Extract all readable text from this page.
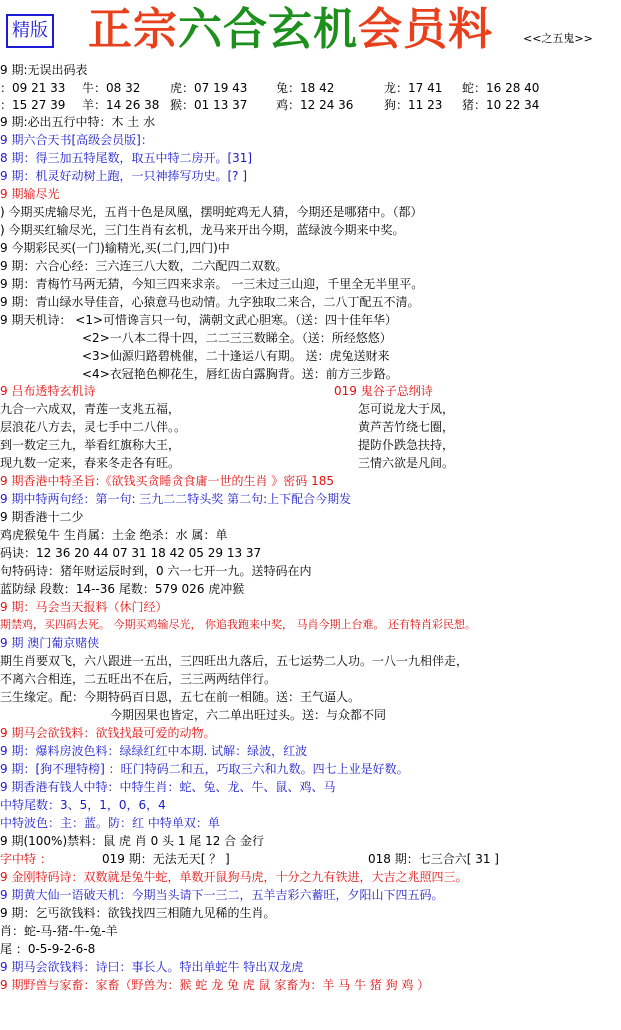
精版 正宗六合玄机会员料	<<之五鬼>>
9 期:无误出码表
：09 21 33 牛：08 32 虎：07 19 43 兔：18 42	龙：17 41 蛇：16 28 40
：15 27 39 羊：14 26 38 猴：01 13 37 鸡：12 24 36	狗：11 23 猪：10 22 34
9 期:必出五行中特：木 土 水
9 期六合天书[高级会员版]：
8 期：得三加五特尾数，取五中特二房开。[31]
9 期：机灵好动树上跑，一只神捧写功史。[? ]
9 期输尽光
) 今期买虎输尽光，五肖十色是凤凰，摆明蛇鸡无人猜，今期还是哪猪中。（都）
) 今期买红输尽光，三门生肖有玄机，龙马来开出今期，蓝绿波今期来中奖。
9 今期彩民买(一门)输精光,买(二门,四门)中
9 期：六合心经：三六连三八大数，二六配四二双数。
9 期：青梅竹马两无猜，今知三四来求亲。 一三未过三山迎，千里全无半里平。
9 期：青山绿水导佳音，心猿意马也动情。九字独取二来合，二八丁配五不清。
9 期天机诗： <1>可惜谗言只一句，满朝文武心胆寒。（送：四十佳年华）
<2>一八本二得十四，二二三三数睇全。（送：所经悠悠）
<3>仙源归路碧桃催，二十逢运八有期。 送：虎兔送财来
<4>衣冠艳色柳花生，唇红齿白露胸背。送：前方三步路。
9 吕布透特玄机诗	019 鬼谷子总纲诗
九合一六成双，青莲一支兆五福，	怎可说龙大于凤，
层浪花八方去，灵七手中二八伴。。	黄芦苦竹绕七圈，
到一数定三九，举看红旗称大王，	提防仆跌急扶持，
现九数一定来，春来冬走各有旺。	三情六欲是凡间。
9 期香港中特圣旨:《欲钱买贪睡贪食庸一世的生肖 》密码 185
9 期中特两句经：第一句: 三九二二特头奖 第二句:上下配合今期发
9 期香港十二少
鸡虎猴兔牛 生肖属：土金 绝杀：水 属：单
码诀：12 36 20 44 07 31 18 42 05 29 13 37
句特码诗：猪年财运辰时到，0 六一七开一九。送特码在内
蓝防绿 段数：14--36 尾数：579 026 虎冲猴
9 期：马会当天报料（休门经）
期禁鸡，买四码去死。 今期买鸡输尽光， 你追我跑来中奖， 马肖今期上台难。 还有特肖彩民想。
9 期 澳门葡京赌侠
期生肖要双飞，六八跟进一五出，三四旺出九落后，五七运势二人功。一八一九相伴走，
不离六合相连，二五旺出不在后，三三两两结伴行。
三生缘定。配：今期特码百日恩，五七在前一相随。送：王气逼人。
今期因果也皆定，六二单出旺过头。送：与众都不同
9 期马会欲钱料：欲钱找最可爱的动物。
9 期：爆料房波色料：绿绿红红中本期. 试解：绿波，红波
9 期：[狗不理特榜] ：旺门特码二和五，巧取三六和九数。四七上业是好数。
9 期香港有钱人中特：中特生肖：蛇、兔、龙、牛、鼠、鸡、马
中特尾数：3、5，1，0，6，4
中特波色：主：蓝。防：红 中特单双：单
9 期(100%)禁料：鼠 虎 肖 0 头 1 尾 12 合 金行
字中特 ：	019 期：无法无天[ ？ ]	018 期：七三合六[ 31 ]
9 金刚特码诗：双数就是兔牛蛇，单数开鼠狗马虎，十分之九有铁进，大吉之兆照四三。
9 期黄大仙一语破天机：今期当头请下一三二，五羊吉彩六蓄旺，夕阳山下四五码。
9 期：乞丐欲钱料：欲钱找四三相随九见稀的生肖。
肖：蛇-马-猪-牛-兔-羊
尾 ：0-5-9-2-6-8
9 期马会欲钱料：诗曰：事长人。特出单蛇牛 特出双龙虎
9 期野兽与家畜：家畜（野兽为：猴 蛇 龙 兔 虎 鼠 家畜为：羊 马 牛 猪 狗 鸡 ）
